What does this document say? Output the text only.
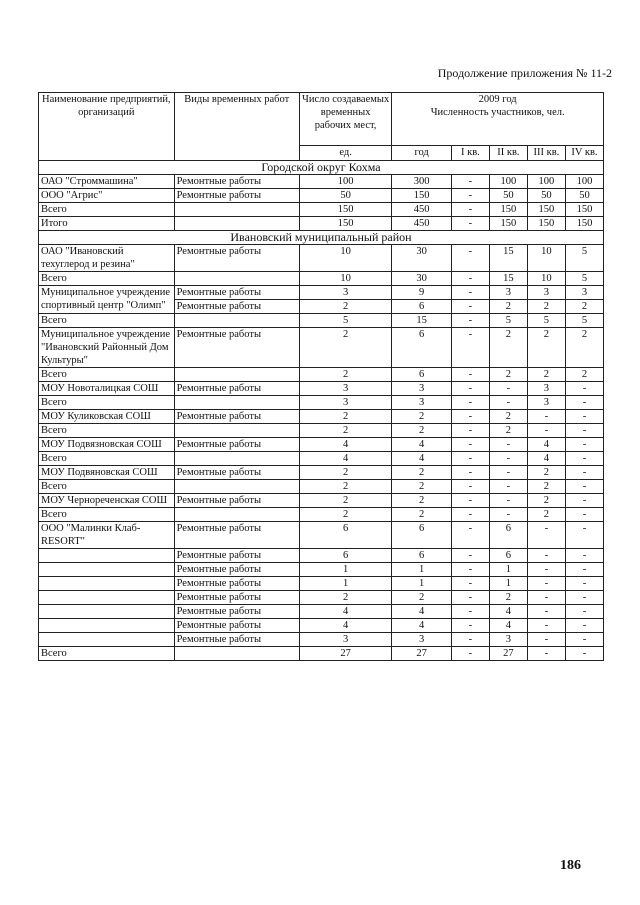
Продолжение приложения № 11-2
Наименование предприятий, организаций	Виды временных работ	Число создаваемых временных рабочих мест,	2009 год
Численность участников, чел.				

		ед.	год	I кв.	II кв.	III кв.	IV кв.
Городской округ Кохма							
ОАО "Строммашина"	Ремонтные работы	100	300	-	100	100	100
ООО "Агрис"	Ремонтные работы	50	150	-	50	50	50
Всего		150	450	-	150	150	150
Итого		150	450	-	150	150	150
Ивановский муниципальный район							
ОАО "Ивановский техуглерод и резина"	Ремонтные работы	10	30	-	15	10	5
Всего		10	30	-	15	10	5
Муниципальное учреждение спортивный центр "Олимп"	Ремонтные работы	3	9	-	3	3	3
	Ремонтные работы	2	6	-	2	2	2
Всего		5	15	-	5	5	5
Муниципальное учреждение "Ивановский Районный Дом Культуры"	Ремонтные работы	2	6	-	2	2	2
Всего		2	6	-	2	2	2
МОУ Новоталицкая СОШ	Ремонтные работы	3	3	-	-	3	-
Всего		3	3	-	-	3	-
МОУ Куликовская СОШ	Ремонтные работы	2	2	-	2	-	-
Всего		2	2	-	2	-	-
МОУ Подвязновская СОШ	Ремонтные работы	4	4	-	-	4	-
Всего		4	4	-	-	4	-
МОУ Подвяновская СОШ	Ремонтные работы	2	2	-	-	2	-
Всего		2	2	-	-	2	-
МОУ Чернореченская СОШ	Ремонтные работы	2	2	-	-	2	-
Всего		2	2	-	-	2	-
ООО "Малинки Клаб-RESORT"	Ремонтные работы	6	6	-	6	-	-
	Ремонтные работы	6	6	-	6	-	-
	Ремонтные работы	1	1	-	1	-	-
	Ремонтные работы	1	1	-	1	-	-
	Ремонтные работы	2	2	-	2	-	-
	Ремонтные работы	4	4	-	4	-	-
	Ремонтные работы	4	4	-	4	-	-
	Ремонтные работы	3	3	-	3	-	-
Всего		27	27	-	27	-	-
186
